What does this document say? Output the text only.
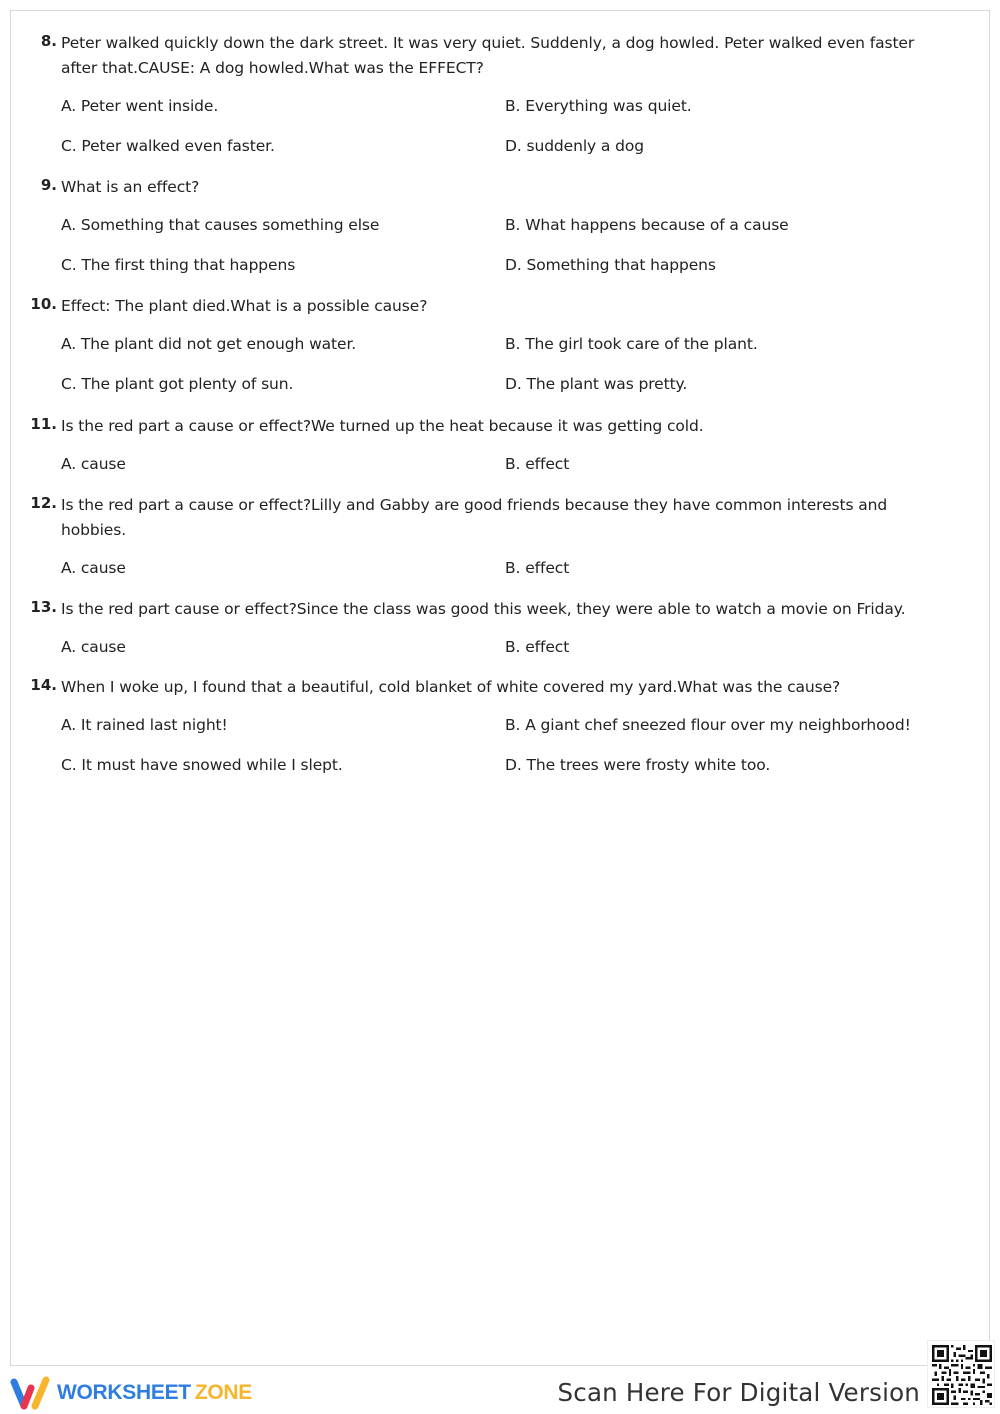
8. Peter walked quickly down the dark street. It was very quiet. Suddenly, a dog howled. Peter walked even faster after that.CAUSE: A dog howled.What was the EFFECT?
A. Peter went inside.	B. Everything was quiet.
C. Peter walked even faster.	D. suddenly a dog
9. What is an effect?
A. Something that causes something else	B. What happens because of a cause
C. The first thing that happens	D. Something that happens
10. Effect: The plant died.What is a possible cause?
A. The plant did not get enough water.	B. The girl took care of the plant.
C. The plant got plenty of sun.	D. The plant was pretty.
11. Is the red part a cause or effect?We turned up the heat because it was getting cold.
A. cause	B. effect
12. Is the red part a cause or effect?Lilly and Gabby are good friends because they have common interests and hobbies.
A. cause	B. effect
13. Is the red part cause or effect?Since the class was good this week, they were able to watch a movie on Friday.
A. cause	B. effect
14. When I woke up, I found that a beautiful, cold blanket of white covered my yard.What was the cause?
A. It rained last night!	B. A giant chef sneezed flour over my neighborhood!
C. It must have snowed while I slept.	D. The trees were frosty white too.
WORKSHEET ZONE	Scan Here For Digital Version
